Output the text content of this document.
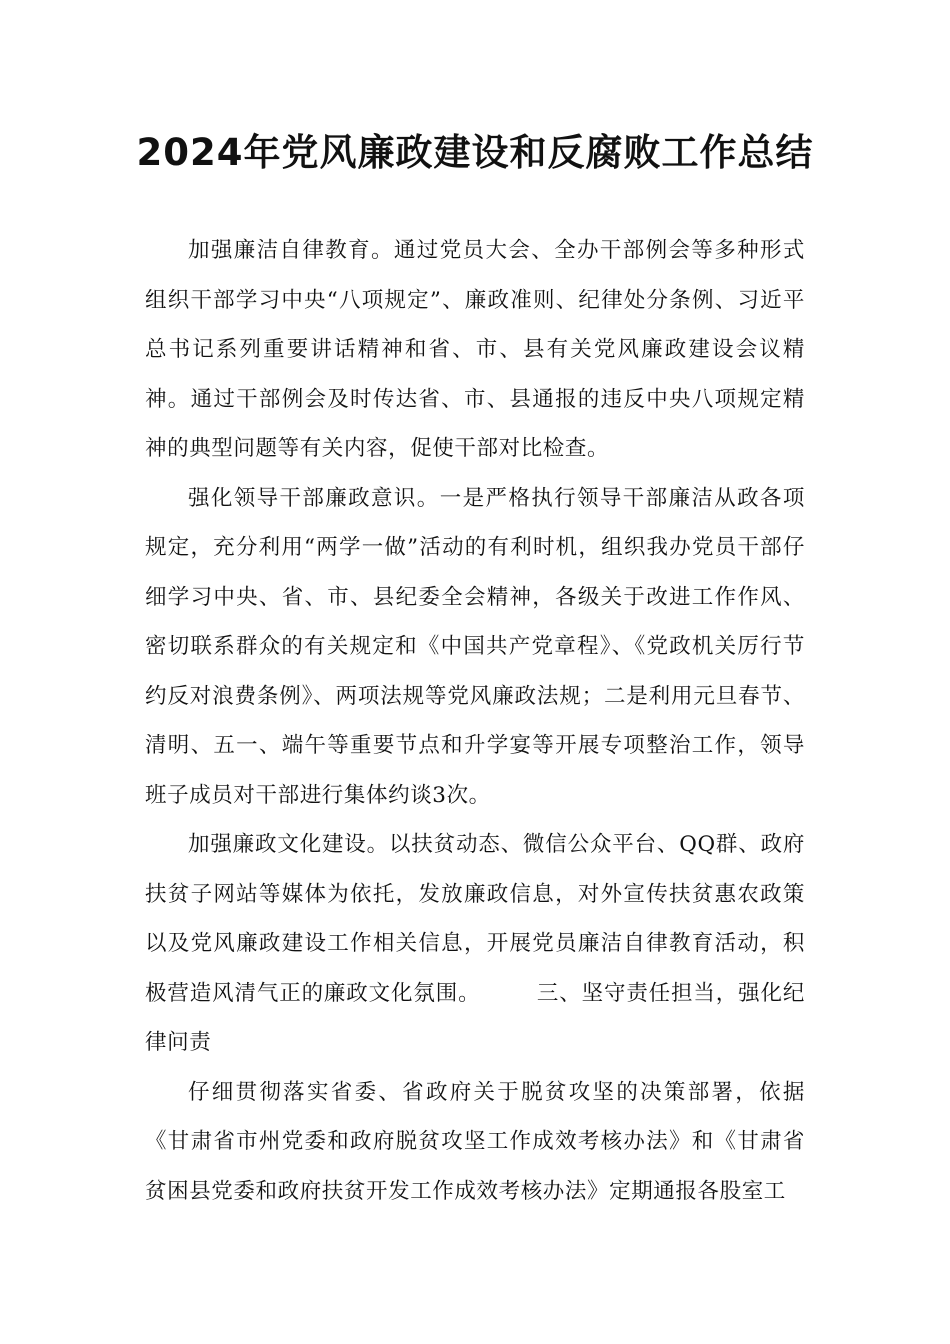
2024年党风廉政建设和反腐败工作总结

加强廉洁自律教育。通过党员大会、全办干部例会等多种形式组织干部学习中央“八项规定”、廉政准则、纪律处分条例、习近平总书记系列重要讲话精神和省、市、县有关党风廉政建设会议精神。通过干部例会及时传达省、市、县通报的违反中央八项规定精神的典型问题等有关内容，促使干部对比检查。

强化领导干部廉政意识。一是严格执行领导干部廉洁从政各项规定，充分利用“两学一做”活动的有利时机，组织我办党员干部仔细学习中央、省、市、县纪委全会精神，各级关于改进工作作风、密切联系群众的有关规定和《中国共产党章程》、《党政机关厉行节约反对浪费条例》、两项法规等党风廉政法规；二是利用元旦春节、清明、五一、端午等重要节点和升学宴等开展专项整治工作，领导班子成员对干部进行集体约谈3次。

加强廉政文化建设。以扶贫动态、微信公众平台、QQ群、政府扶贫子网站等媒体为依托，发放廉政信息，对外宣传扶贫惠农政策以及党风廉政建设工作相关信息，开展党员廉洁自律教育活动，积极营造风清气正的廉政文化氛围。　　　三、坚守责任担当，强化纪律问责

仔细贯彻落实省委、省政府关于脱贫攻坚的决策部署，依据《甘肃省市州党委和政府脱贫攻坚工作成效考核办法》和《甘肃省贫困县党委和政府扶贫开发工作成效考核办法》定期通报各股室工
